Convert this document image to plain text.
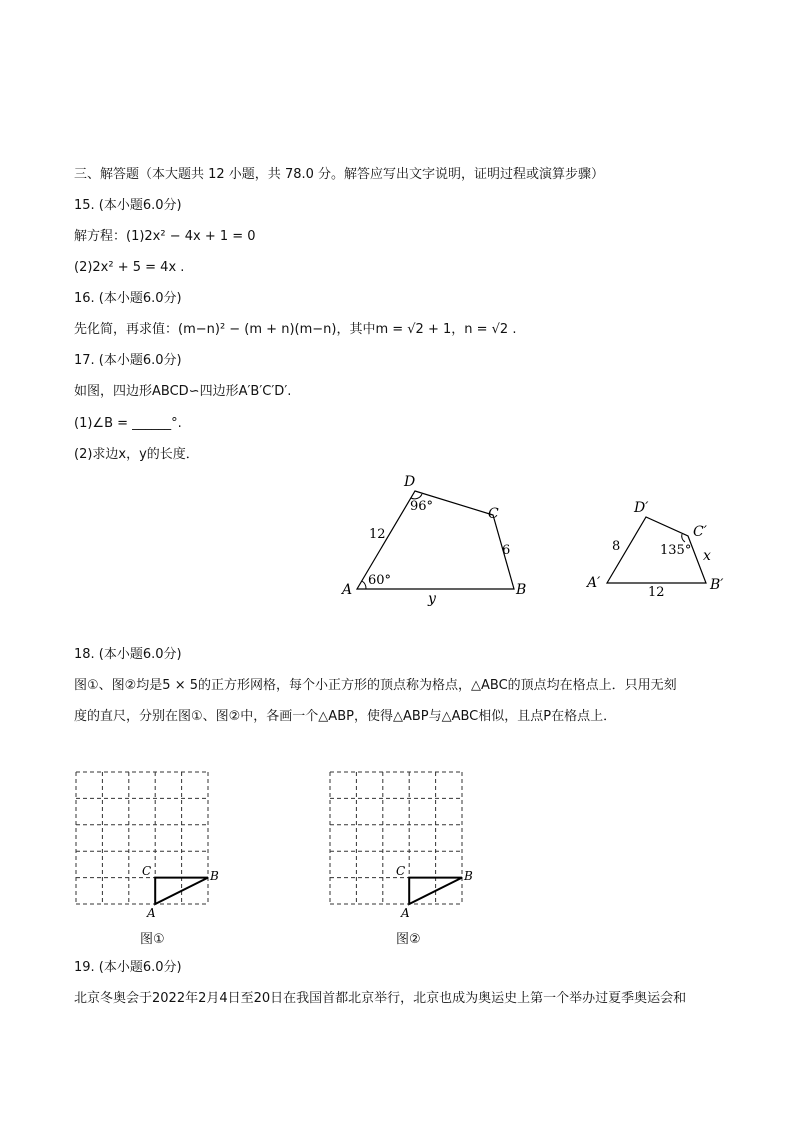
三、解答题（本大题共 12 小题，共 78.0 分。解答应写出文字说明，证明过程或演算步骤）
15. (本小题6.0分)
解方程：(1)2x² − 4x + 1 = 0
(2)2x² + 5 = 4x .
16. (本小题6.0分)
先化简，再求值：(m−n)² − (m + n)(m−n)，其中m = √2 + 1，n = √2 .
17. (本小题6.0分)
如图，四边形ABCD∽四边形A′B′C′D′.
(1)∠B = ______°.
(2)求边x，y的长度．
A	B
C
D
96°
60°
12
6
y
A′	B′
C′
D′
135°
8
x
12
18. (本小题6.0分)
图①、图②均是5 × 5的正方形网格，每个小正方形的顶点称为格点，△ABC的顶点均在格点上．只用无刻
度的直尺，分别在图①、图②中，各画一个△ABP，使得△ABP与△ABC相似，且点P在格点上．
C	B
A
图①
C	B
A
图②
19. (本小题6.0分)
北京冬奥会于2022年2月4日至20日在我国首都北京举行，北京也成为奥运史上第一个举办过夏季奥运会和
